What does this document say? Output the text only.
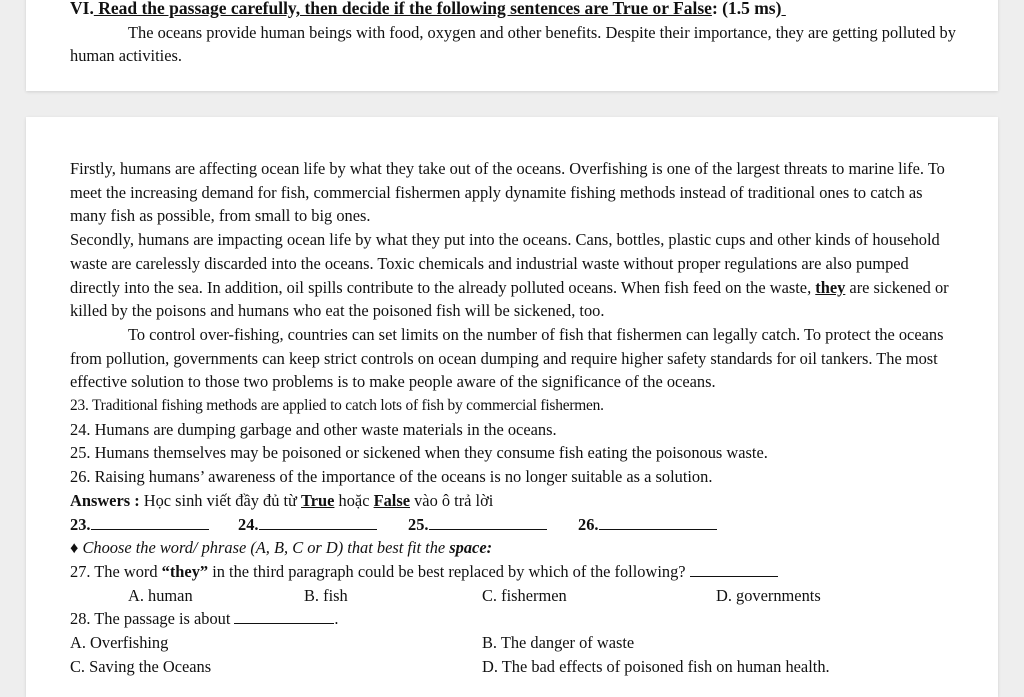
VI. Read the passage carefully, then decide if the following sentences are True or False: (1.5 ms)

The oceans provide human beings with food, oxygen and other benefits. Despite their importance, they are getting polluted by human activities.

Firstly, humans are affecting ocean life by what they take out of the oceans. Overfishing is one of the largest threats to marine life. To meet the increasing demand for fish, commercial fishermen apply dynamite fishing methods instead of traditional ones to catch as many fish as possible, from small to big ones.

Secondly, humans are impacting ocean life by what they put into the oceans. Cans, bottles, plastic cups and other kinds of household waste are carelessly discarded into the oceans. Toxic chemicals and industrial waste without proper regulations are also pumped directly into the sea. In addition, oil spills contribute to the already polluted oceans. When fish feed on the waste, they are sickened or killed by the poisons and humans who eat the poisoned fish will be sickened, too.

To control over-fishing, countries can set limits on the number of fish that fishermen can legally catch. To protect the oceans from pollution, governments can keep strict controls on ocean dumping and require higher safety standards for oil tankers. The most effective solution to those two problems is to make people aware of the significance of the oceans.

23. Traditional fishing methods are applied to catch lots of fish by commercial fishermen.

24. Humans are dumping garbage and other waste materials in the oceans.

25. Humans themselves may be poisoned or sickened when they consume fish eating the poisonous waste.

26. Raising humans’ awareness of the importance of the oceans is no longer suitable as a solution.

Answers : Học sinh viết đầy đủ từ True hoặc False vào ô trả lời

23.	24.	25.	26.

♦ Choose the word/ phrase (A, B, C or D) that best fit the space:

27. The word “they” in the third paragraph could be best replaced by which of the following?

A. human	B. fish	C. fishermen	D. governments

28. The passage is about	.

A. Overfishing	B. The danger of waste
C. Saving the Oceans	D. The bad effects of poisoned fish on human health.
